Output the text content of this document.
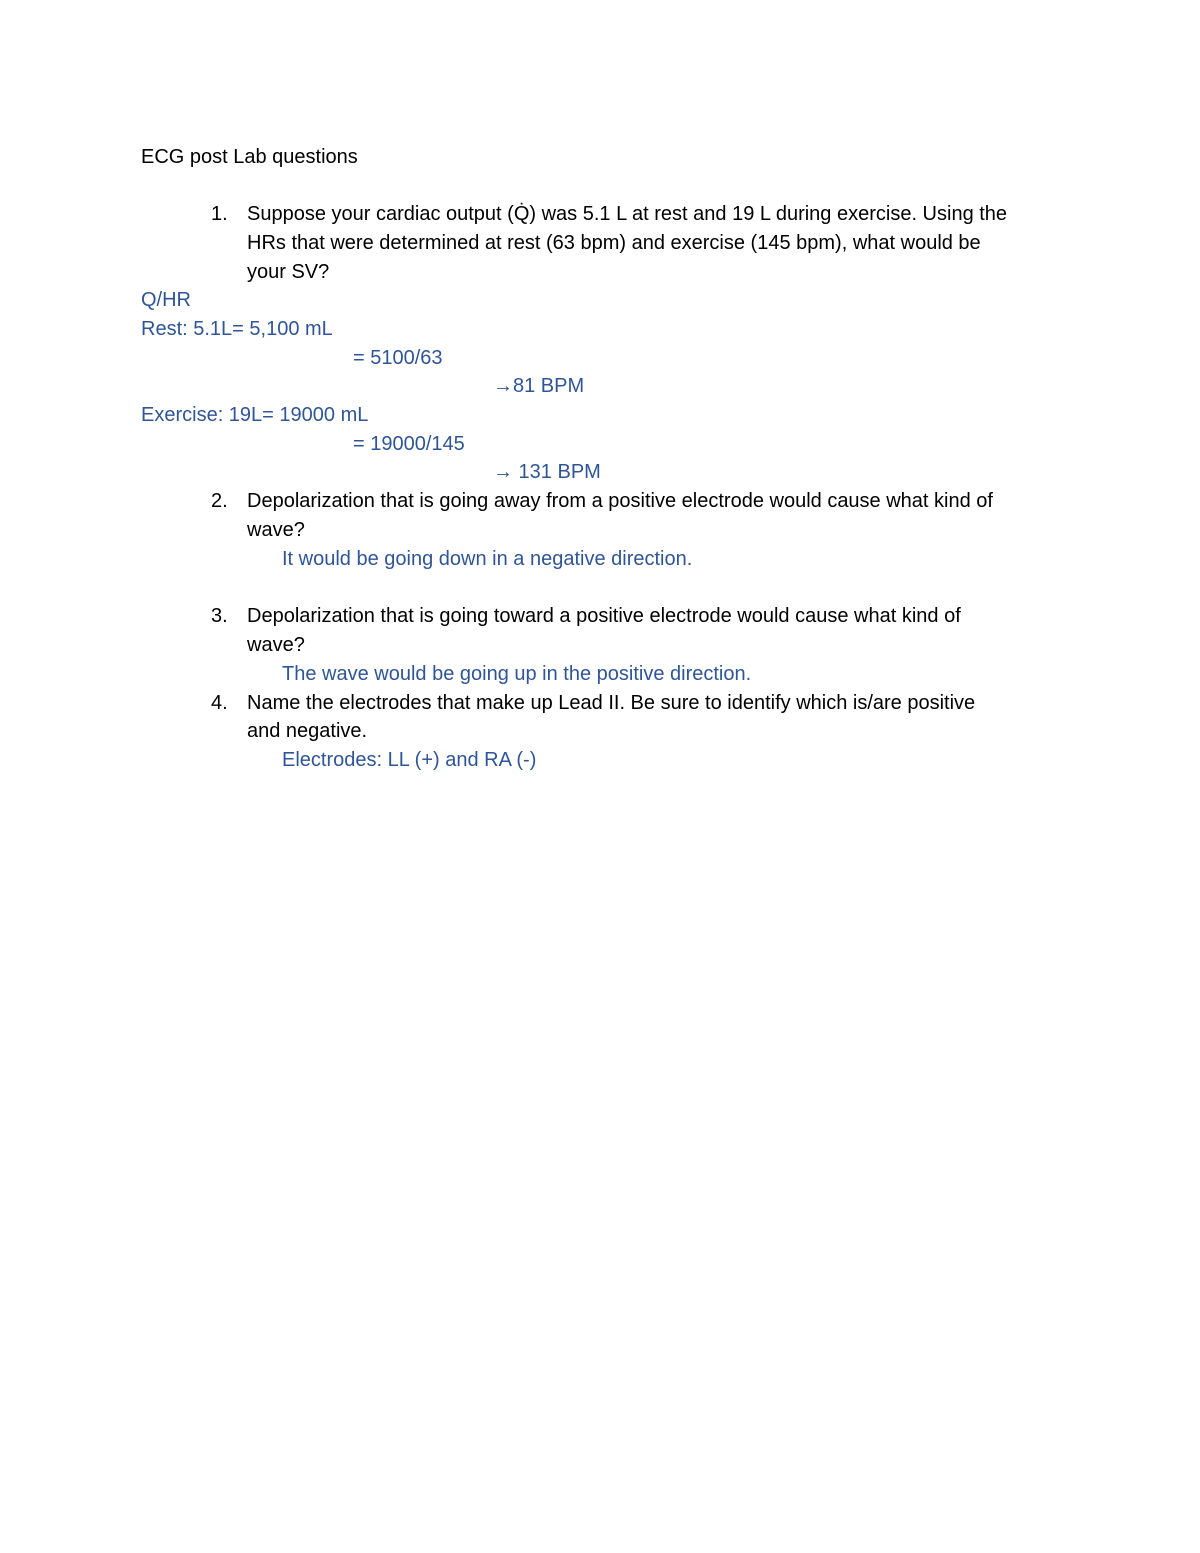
ECG post Lab questions
1. Suppose your cardiac output (Q̇) was 5.1 L at rest and 19 L during exercise. Using the
HRs that were determined at rest (63 bpm) and exercise (145 bpm), what would be
your SV?
Q/HR
Rest: 5.1L= 5,100 mL
= 5100/63
→81 BPM
Exercise: 19L= 19000 mL
= 19000/145
→ 131 BPM
2. Depolarization that is going away from a positive electrode would cause what kind of
wave?
It would be going down in a negative direction.
3. Depolarization that is going toward a positive electrode would cause what kind of
wave?
The wave would be going up in the positive direction.
4. Name the electrodes that make up Lead II. Be sure to identify which is/are positive
and negative.
Electrodes: LL (+) and RA (-)
